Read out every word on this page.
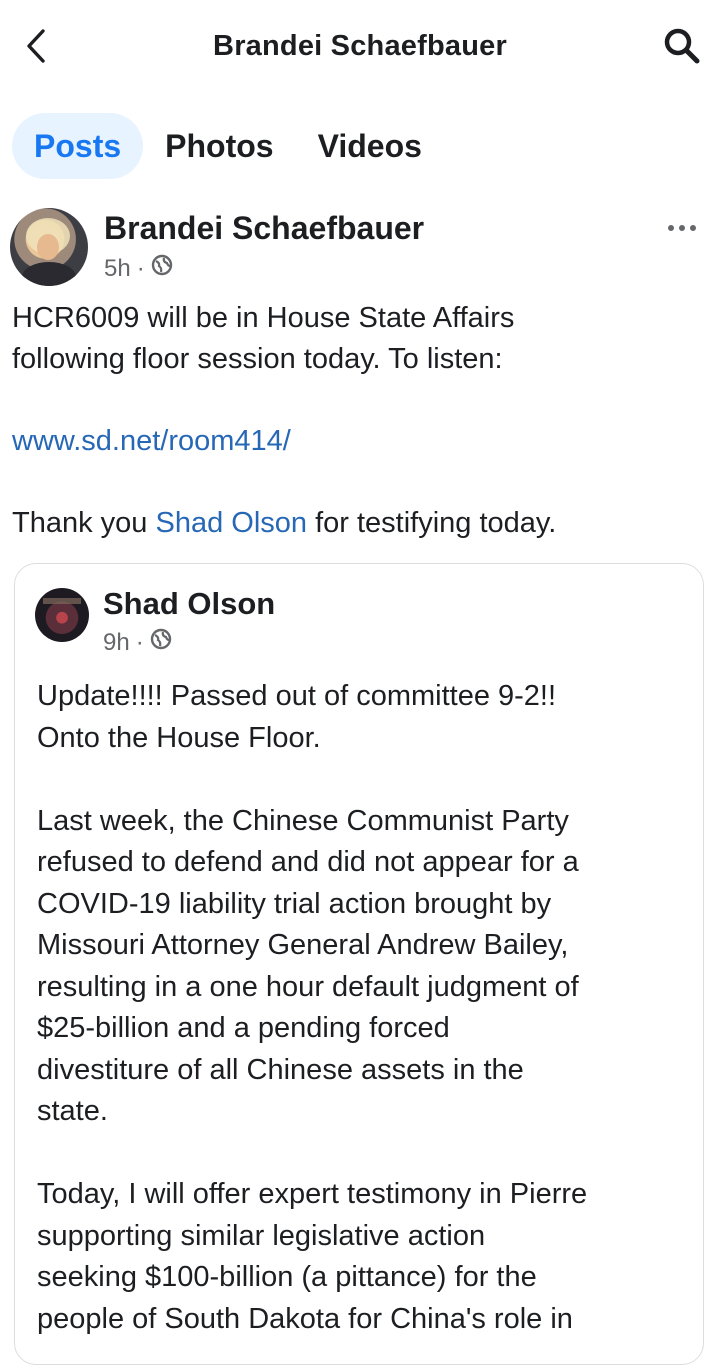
Brandei Schaefbauer
Posts	Photos	Videos
Brandei Schaefbauer
5h ·

HCR6009 will be in House State Affairs

following floor session today. To listen:

www.sd.net/room414/

Thank you Shad Olson for testifying today.

Shad Olson
9h ·

Update!!!! Passed out of committee 9-2!!

Onto the House Floor.

Last week, the Chinese Communist Party

refused to defend and did not appear for a

COVID-19 liability trial action brought by

Missouri Attorney General Andrew Bailey,

resulting in a one hour default judgment of

$25-billion and a pending forced

divestiture of all Chinese assets in the

state.

Today, I will offer expert testimony in Pierre

supporting similar legislative action

seeking $100-billion (a pittance) for the

people of South Dakota for China's role in
